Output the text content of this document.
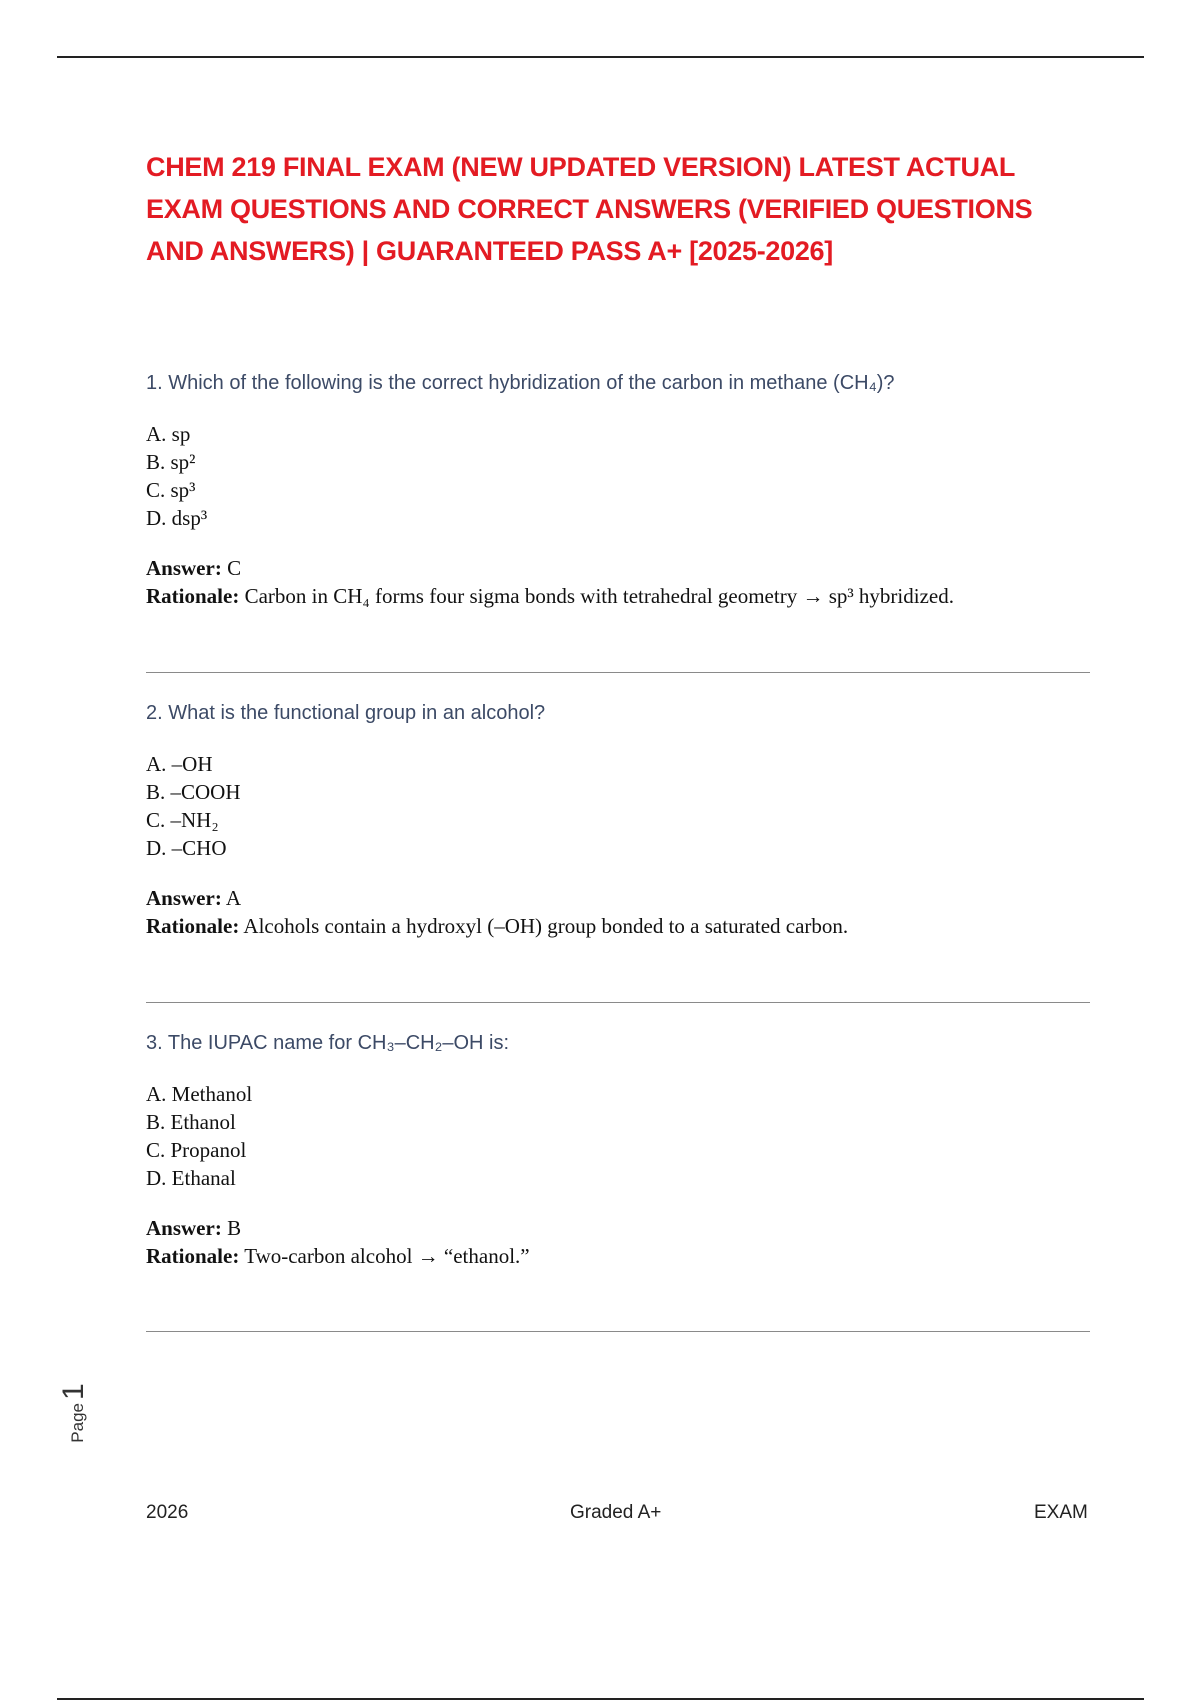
CHEM 219 FINAL EXAM (NEW UPDATED VERSION) LATEST ACTUAL EXAM QUESTIONS AND CORRECT ANSWERS (VERIFIED QUESTIONS AND ANSWERS) | GUARANTEED PASS A+ [2025-2026]

1. Which of the following is the correct hybridization of the carbon in methane (CH₄)?

A. sp
B. sp²
C. sp³
D. dsp³

Answer: C

Rationale: Carbon in CH₄ forms four sigma bonds with tetrahedral geometry → sp³ hybridized.

2. What is the functional group in an alcohol?

A. –OH
B. –COOH
C. –NH₂
D. –CHO

Answer: A

Rationale: Alcohols contain a hydroxyl (–OH) group bonded to a saturated carbon.

3. The IUPAC name for CH₃–CH₂–OH is:

A. Methanol
B. Ethanol
C. Propanol
D. Ethanal

Answer: B

Rationale: Two-carbon alcohol → “ethanol.”

Page
1
2026	Graded A+	EXAM
